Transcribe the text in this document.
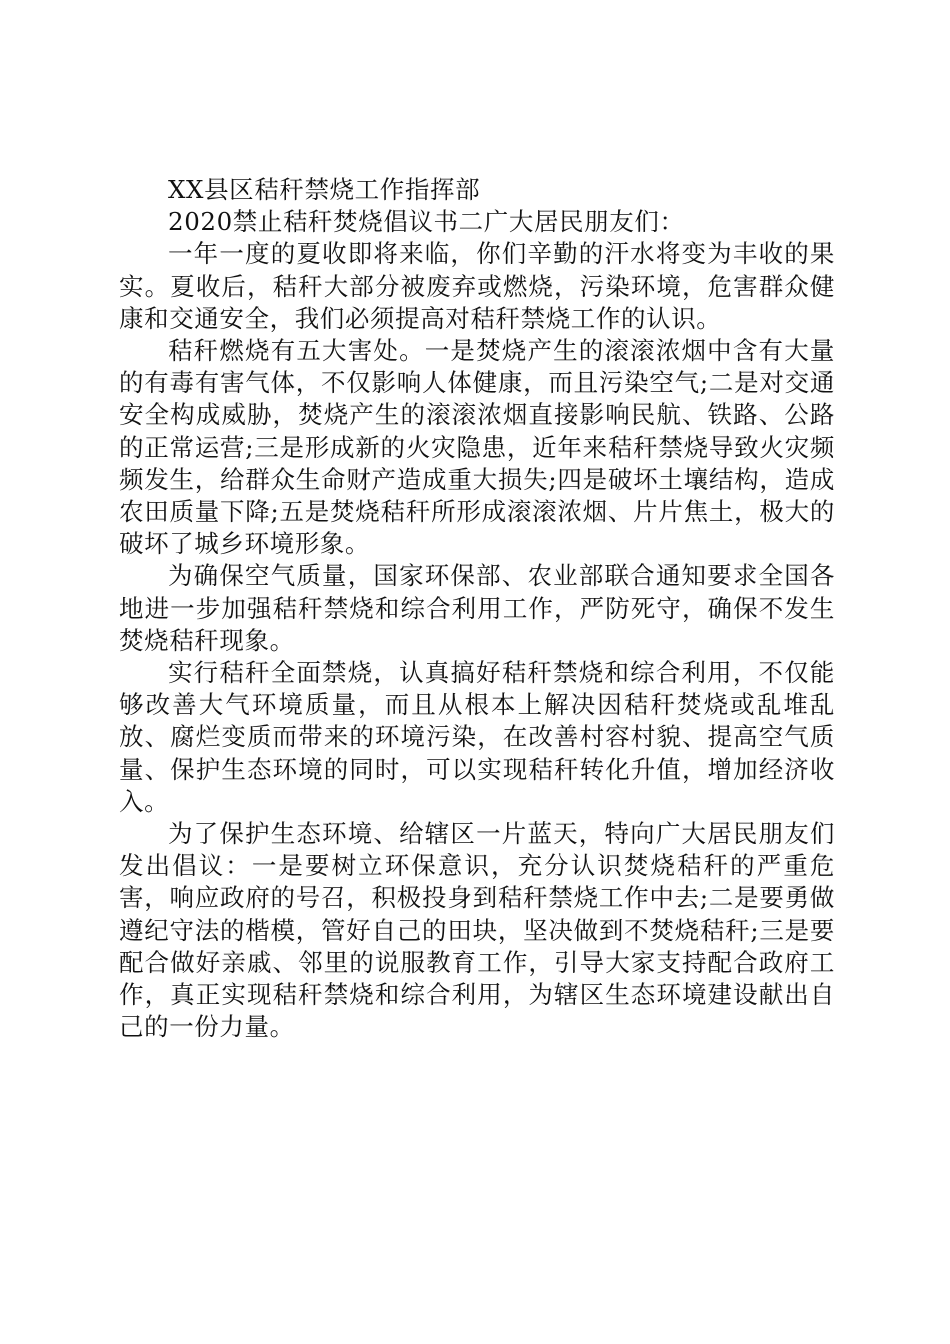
XX县区秸秆禁烧工作指挥部

2020禁止秸秆焚烧倡议书二广大居民朋友们：

一年一度的夏收即将来临，你们辛勤的汗水将变为丰收的果实。夏收后，秸秆大部分被废弃或燃烧，污染环境，危害群众健康和交通安全，我们必须提高对秸秆禁烧工作的认识。

秸秆燃烧有五大害处。一是焚烧产生的滚滚浓烟中含有大量的有毒有害气体，不仅影响人体健康，而且污染空气;二是对交通安全构成威胁，焚烧产生的滚滚浓烟直接影响民航、铁路、公路的正常运营;三是形成新的火灾隐患，近年来秸秆禁烧导致火灾频频发生，给群众生命财产造成重大损失;四是破坏土壤结构，造成农田质量下降;五是焚烧秸秆所形成滚滚浓烟、片片焦土，极大的破坏了城乡环境形象。

为确保空气质量，国家环保部、农业部联合通知要求全国各地进一步加强秸秆禁烧和综合利用工作，严防死守，确保不发生焚烧秸秆现象。

实行秸秆全面禁烧，认真搞好秸秆禁烧和综合利用，不仅能够改善大气环境质量，而且从根本上解决因秸秆焚烧或乱堆乱放、腐烂变质而带来的环境污染，在改善村容村貌、提高空气质量、保护生态环境的同时，可以实现秸秆转化升值，增加经济收入。

为了保护生态环境、给辖区一片蓝天，特向广大居民朋友们发出倡议：一是要树立环保意识，充分认识焚烧秸秆的严重危害，响应政府的号召，积极投身到秸秆禁烧工作中去;二是要勇做遵纪守法的楷模，管好自己的田块，坚决做到不焚烧秸秆;三是要配合做好亲戚、邻里的说服教育工作，引导大家支持配合政府工作，真正实现秸秆禁烧和综合利用，为辖区生态环境建设献出自己的一份力量。
